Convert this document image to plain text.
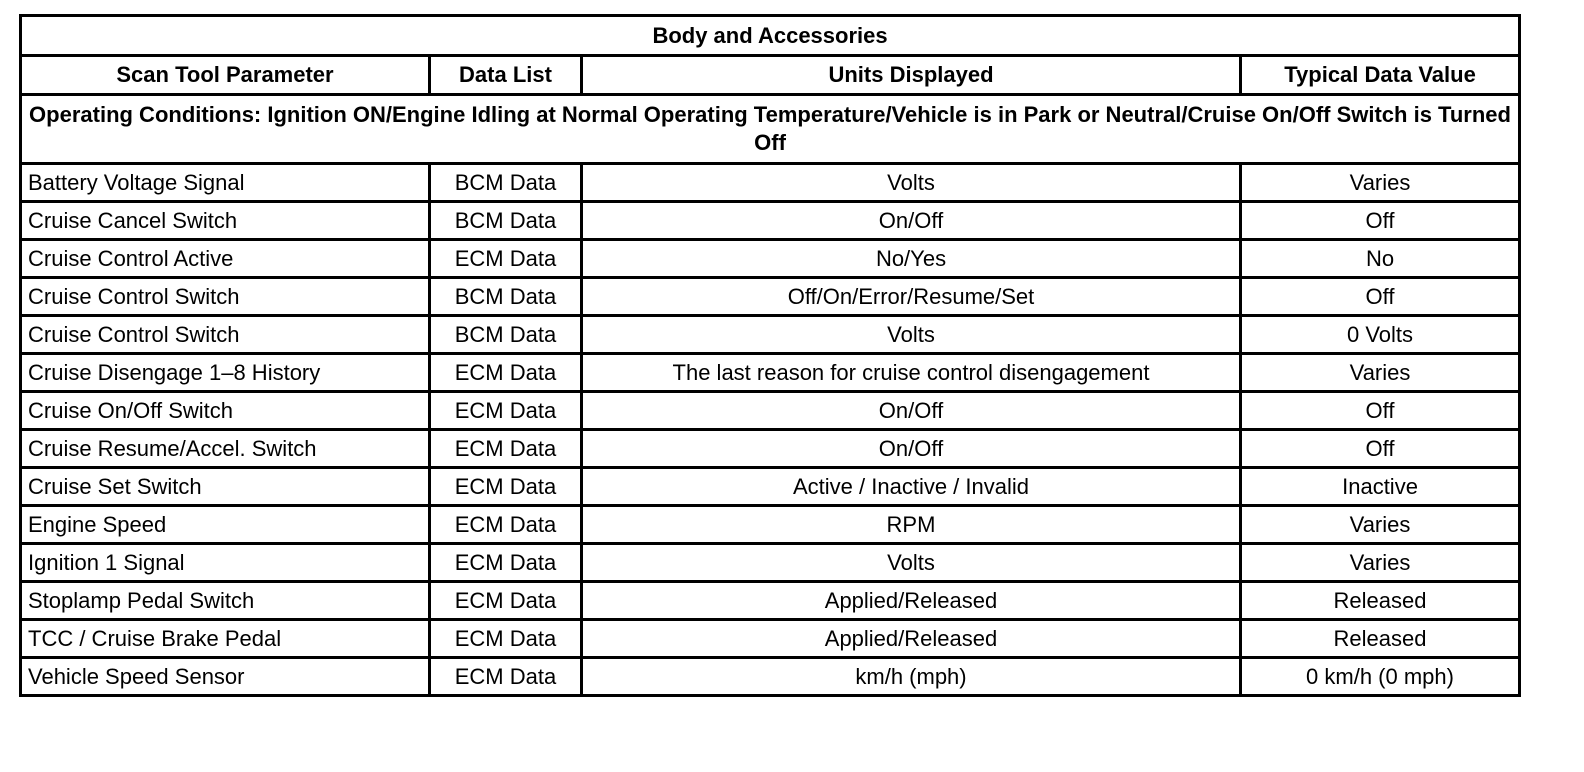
Body and Accessories			
Scan Tool Parameter	Data List	Units Displayed	Typical Data Value
Operating Conditions: Ignition ON/Engine Idling at Normal Operating Temperature/Vehicle is in Park or Neutral/Cruise On/Off Switch is Turned Off			
Battery Voltage Signal	BCM Data	Volts	Varies
Cruise Cancel Switch	BCM Data	On/Off	Off
Cruise Control Active	ECM Data	No/Yes	No
Cruise Control Switch	BCM Data	Off/On/Error/Resume/Set	Off
Cruise Control Switch	BCM Data	Volts	0 Volts
Cruise Disengage 1–8 History	ECM Data	The last reason for cruise control disengagement	Varies
Cruise On/Off Switch	ECM Data	On/Off	Off
Cruise Resume/Accel. Switch	ECM Data	On/Off	Off
Cruise Set Switch	ECM Data	Active / Inactive / Invalid	Inactive
Engine Speed	ECM Data	RPM	Varies
Ignition 1 Signal	ECM Data	Volts	Varies
Stoplamp Pedal Switch	ECM Data	Applied/Released	Released
TCC / Cruise Brake Pedal	ECM Data	Applied/Released	Released
Vehicle Speed Sensor	ECM Data	km/h (mph)	0 km/h (0 mph)
